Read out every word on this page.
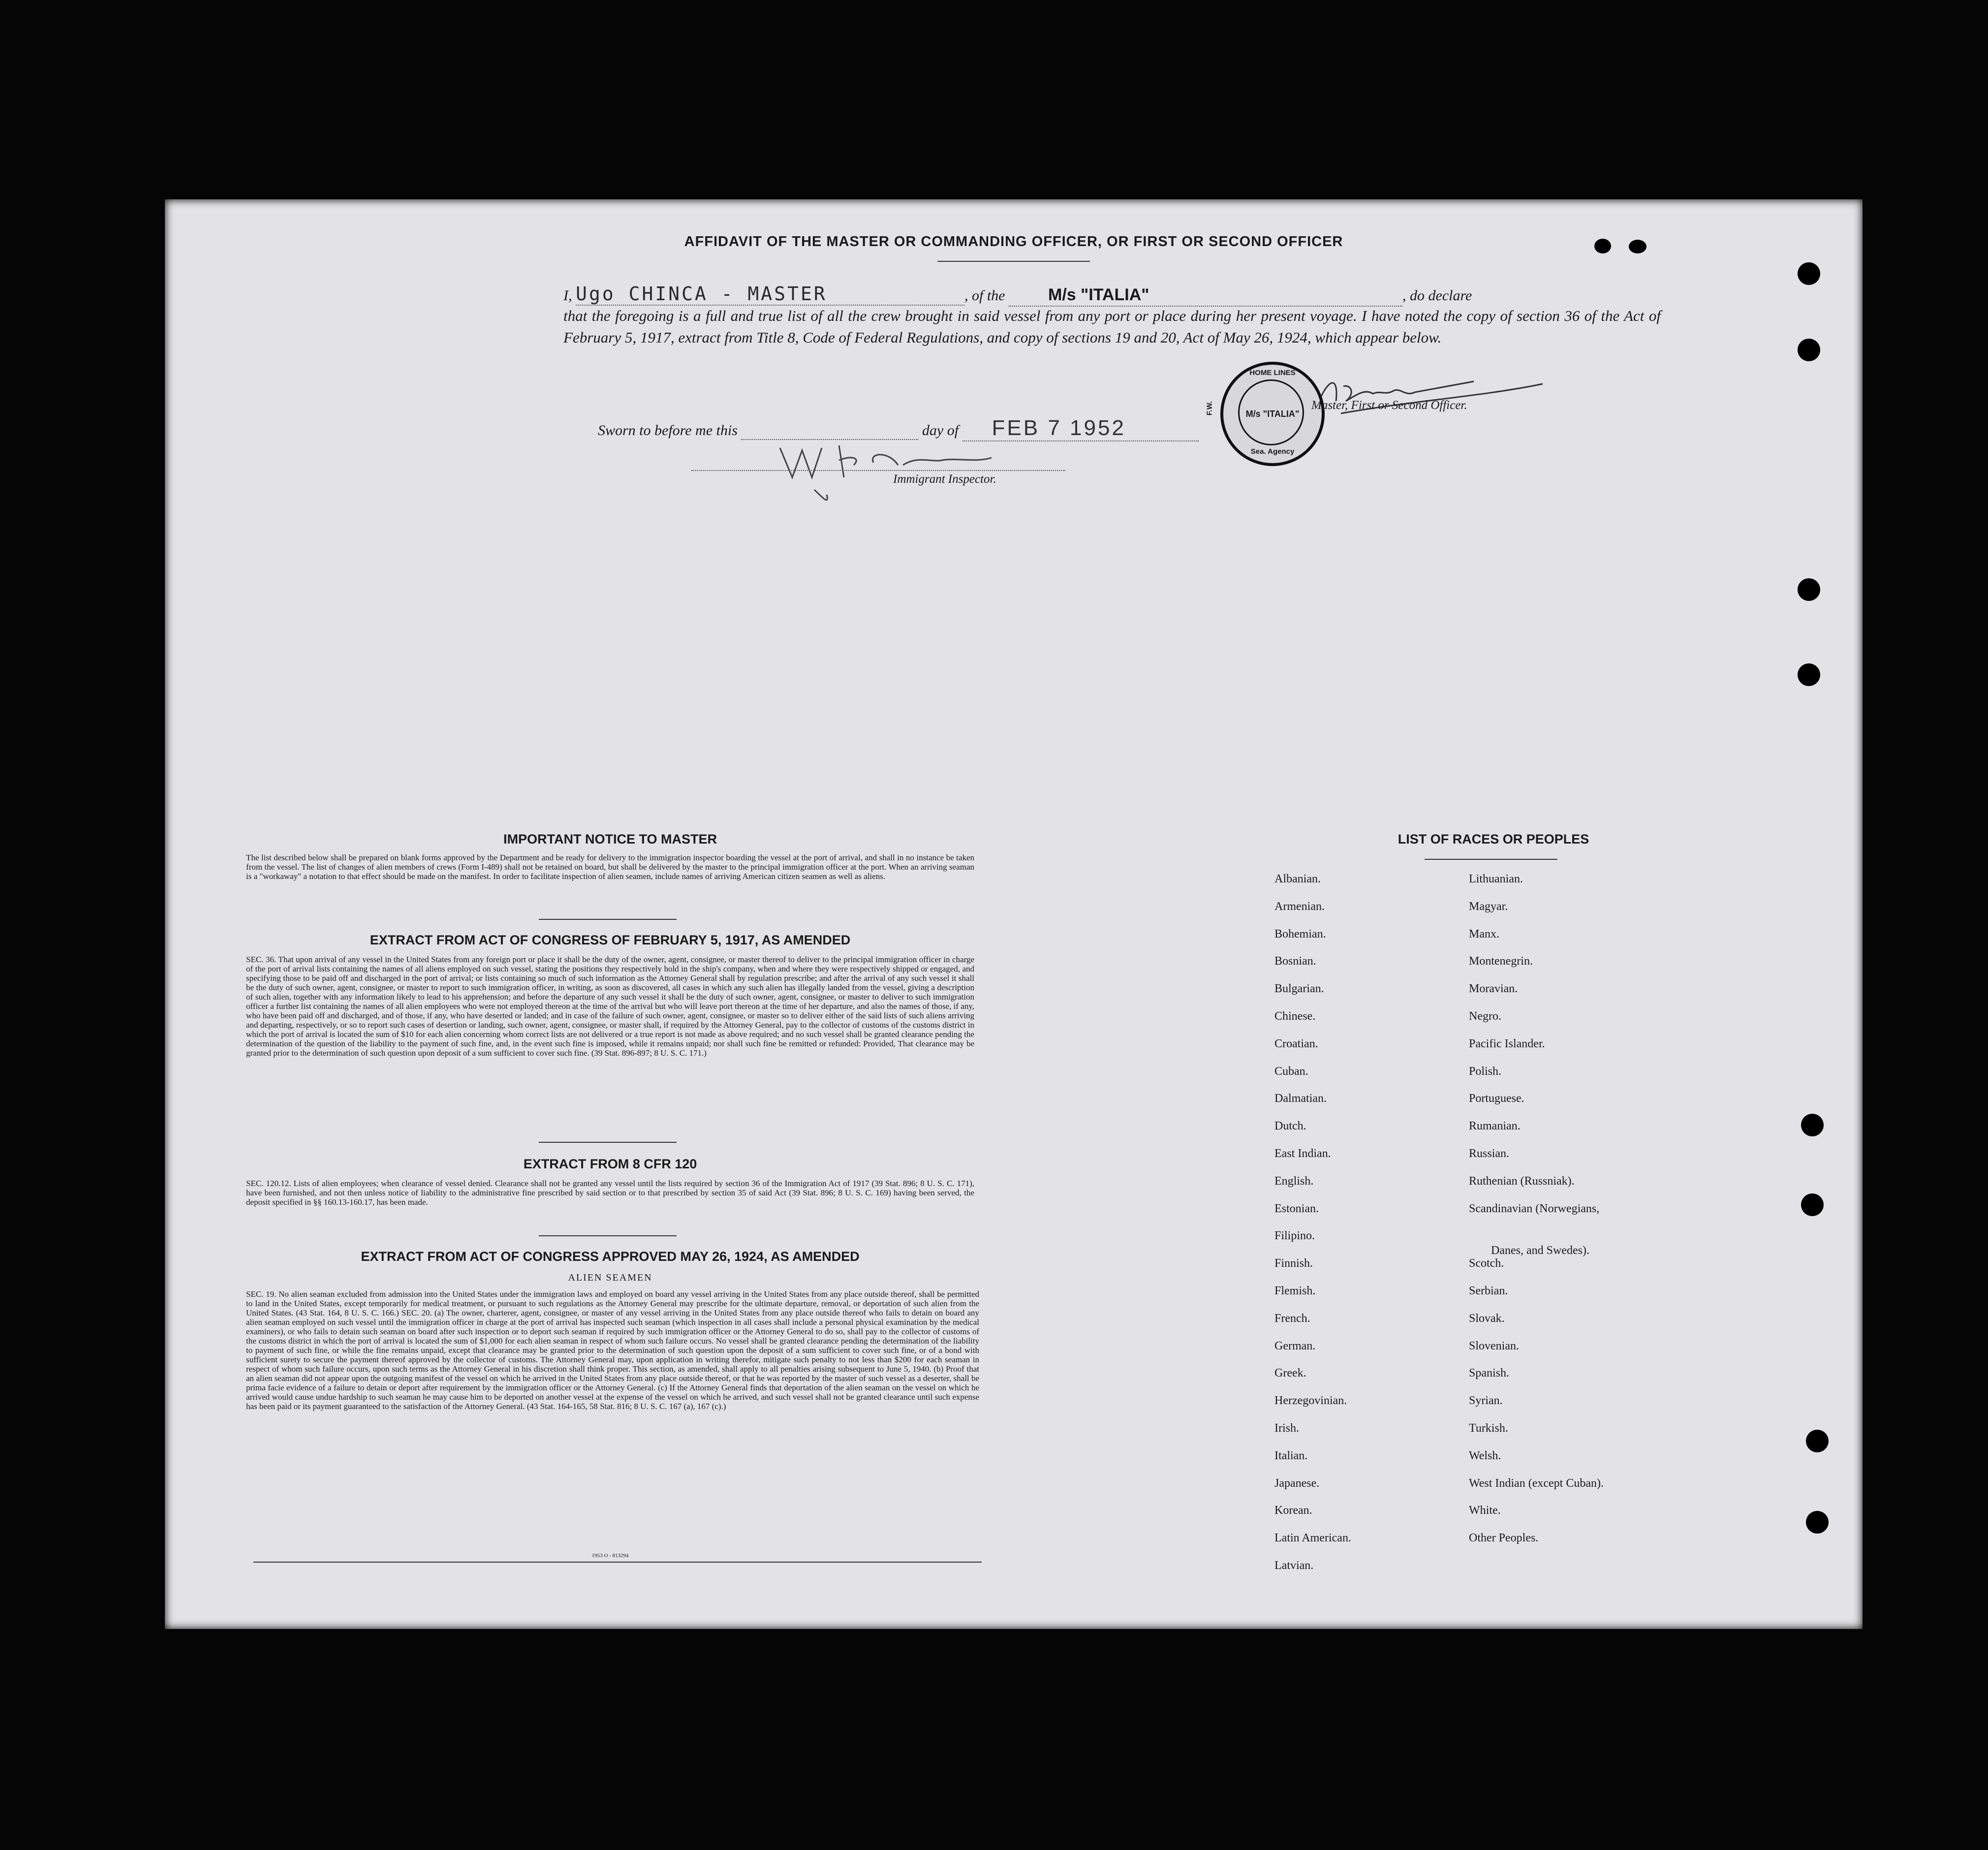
AFFIDAVIT OF THE MASTER OR COMMANDING OFFICER, OR FIRST OR SECOND OFFICER
I, Ugo CHINCA - MASTER	, of the	M/s "ITALIA"	, do declare
that the foregoing is a full and true list of all the crew brought in said vessel from any port or place during her present voyage. I have noted the copy of section 36 of the Act of February 5, 1917, extract from Title 8, Code of Federal Regulations, and copy of sections 19 and 20, Act of May 26, 1924, which appear below.
Sworn to before me this	day of FEB 7 1952
HOME LINES
F.W.	M/s "ITALIA"
Sea. Agency
Master, First or Second Officer.
Immigrant Inspector.
IMPORTANT NOTICE TO MASTER
The list described below shall be prepared on blank forms approved by the Department and be ready for delivery to the immigration inspector boarding the vessel at the port of arrival, and shall in no instance be taken from the vessel. The list of changes of alien members of crews (Form I-489) shall not be retained on board, but shall be delivered by the master to the principal immigration officer at the port. When an arriving seaman is a "workaway" a notation to that effect should be made on the manifest. In order to facilitate inspection of alien seamen, include names of arriving American citizen seamen as well as aliens.
EXTRACT FROM ACT OF CONGRESS OF FEBRUARY 5, 1917, AS AMENDED
SEC. 36. That upon arrival of any vessel in the United States from any foreign port or place it shall be the duty of the owner, agent, consignee, or master thereof to deliver to the principal immigration officer in charge of the port of arrival lists containing the names of all aliens employed on such vessel, stating the positions they respectively hold in the ship's company, when and where they were respectively shipped or engaged, and specifying those to be paid off and discharged in the port of arrival; or lists containing so much of such information as the Attorney General shall by regulation prescribe; and after the arrival of any such vessel it shall be the duty of such owner, agent, consignee, or master to report to such immigration officer, in writing, as soon as discovered, all cases in which any such alien has illegally landed from the vessel, giving a description of such alien, together with any information likely to lead to his apprehension; and before the departure of any such vessel it shall be the duty of such owner, agent, consignee, or master to deliver to such immigration officer a further list containing the names of all alien employees who were not employed thereon at the time of the arrival but who will leave port thereon at the time of her departure, and also the names of those, if any, who have been paid off and discharged, and of those, if any, who have deserted or landed; and in case of the failure of such owner, agent, consignee, or master so to deliver either of the said lists of such aliens arriving and departing, respectively, or so to report such cases of desertion or landing, such owner, agent, consignee, or master shall, if required by the Attorney General, pay to the collector of customs of the customs district in which the port of arrival is located the sum of $10 for each alien concerning whom correct lists are not delivered or a true report is not made as above required; and no such vessel shall be granted clearance pending the determination of the question of the liability to the payment of such fine, and, in the event such fine is imposed, while it remains unpaid; nor shall such fine be remitted or refunded: Provided, That clearance may be granted prior to the determination of such question upon deposit of a sum sufficient to cover such fine. (39 Stat. 896-897; 8 U. S. C. 171.)
EXTRACT FROM 8 CFR 120
SEC. 120.12. Lists of alien employees; when clearance of vessel denied. Clearance shall not be granted any vessel until the lists required by section 36 of the Immigration Act of 1917 (39 Stat. 896; 8 U. S. C. 171), have been furnished, and not then unless notice of liability to the administrative fine prescribed by said section or to that prescribed by section 35 of said Act (39 Stat. 896; 8 U. S. C. 169) having been served, the deposit specified in §§ 160.13-160.17, has been made.
EXTRACT FROM ACT OF CONGRESS APPROVED MAY 26, 1924, AS AMENDED
ALIEN SEAMEN
SEC. 19. No alien seaman excluded from admission into the United States under the immigration laws and employed on board any vessel arriving in the United States from any place outside thereof, shall be permitted to land in the United States, except temporarily for medical treatment, or pursuant to such regulations as the Attorney General may prescribe for the ultimate departure, removal, or deportation of such alien from the United States. (43 Stat. 164, 8 U. S. C. 166.) SEC. 20. (a) The owner, charterer, agent, consignee, or master of any vessel arriving in the United States from any place outside thereof who fails to detain on board any alien seaman employed on such vessel until the immigration officer in charge at the port of arrival has inspected such seaman (which inspection in all cases shall include a personal physical examination by the medical examiners), or who fails to detain such seaman on board after such inspection or to deport such seaman if required by such immigration officer or the Attorney General to do so, shall pay to the collector of customs of the customs district in which the port of arrival is located the sum of $1,000 for each alien seaman in respect of whom such failure occurs. No vessel shall be granted clearance pending the determination of the liability to payment of such fine, or while the fine remains unpaid, except that clearance may be granted prior to the determination of such question upon the deposit of a sum sufficient to cover such fine, or of a bond with sufficient surety to secure the payment thereof approved by the collector of customs. The Attorney General may, upon application in writing therefor, mitigate such penalty to not less than $200 for each seaman in respect of whom such failure occurs, upon such terms as the Attorney General in his discretion shall think proper. This section, as amended, shall apply to all penalties arising subsequent to June 5, 1940. (b) Proof that an alien seaman did not appear upon the outgoing manifest of the vessel on which he arrived in the United States from any place outside thereof, or that he was reported by the master of such vessel as a deserter, shall be prima facie evidence of a failure to detain or deport after requirement by the immigration officer or the Attorney General. (c) If the Attorney General finds that deportation of the alien seaman on the vessel on which he arrived would cause undue hardship to such seaman he may cause him to be deported on another vessel at the expense of the vessel on which he arrived, and such vessel shall not be granted clearance until such expense has been paid or its payment guaranteed to the satisfaction of the Attorney General. (43 Stat. 164-165, 58 Stat. 816; 8 U. S. C. 167 (a), 167 (c).)
1953 O - 813294
LIST OF RACES OR PEOPLES
Albanian.
Armenian.
Bohemian.
Bosnian.
Bulgarian.
Chinese.
Croatian.
Cuban.
Dalmatian.
Dutch.
East Indian.
English.
Estonian.
Filipino.
Finnish.
Flemish.
French.
German.
Greek.
Herzegovinian.
Irish.
Italian.
Japanese.
Korean.
Latin American.
Latvian.
Lithuanian.
Magyar.
Manx.
Montenegrin.
Moravian.
Negro.
Pacific Islander.
Polish.
Portuguese.
Rumanian.
Russian.
Ruthenian (Russniak).
Scandinavian (Norwegians,
Danes, and Swedes).
Scotch.
Serbian.
Slovak.
Slovenian.
Spanish.
Syrian.
Turkish.
Welsh.
West Indian (except Cuban).
White.
Other Peoples.
